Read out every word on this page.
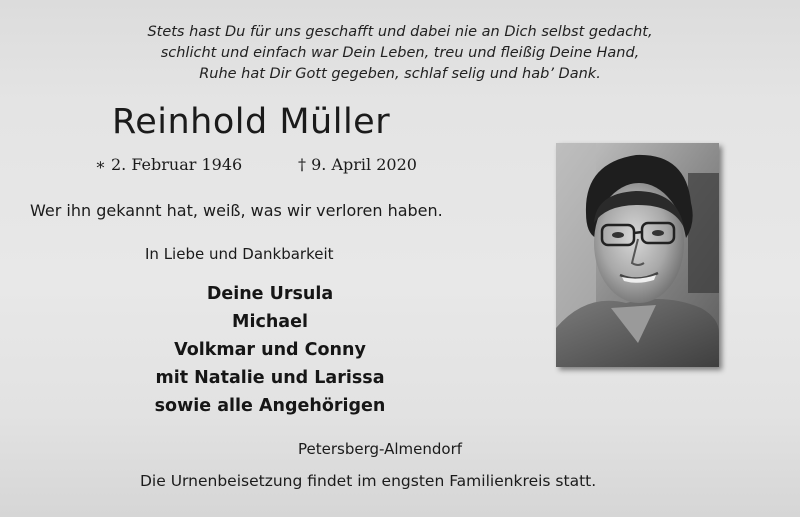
Stets hast Du für uns geschafft und dabei nie an Dich selbst gedacht,
schlicht und einfach war Dein Leben, treu und fleißig Deine Hand,
Ruhe hat Dir Gott gegeben, schlaf selig und hab’ Dank.
Reinhold Müller
∗ 2. Februar 1946	† 9. April 2020
Wer ihn gekannt hat, weiß, was wir verloren haben.
In Liebe und Dankbarkeit
Deine Ursula
Michael
Volkmar und Conny
mit Natalie und Larissa
sowie alle Angehörigen
Petersberg-Almendorf
Die Urnenbeisetzung findet im engsten Familienkreis statt.
